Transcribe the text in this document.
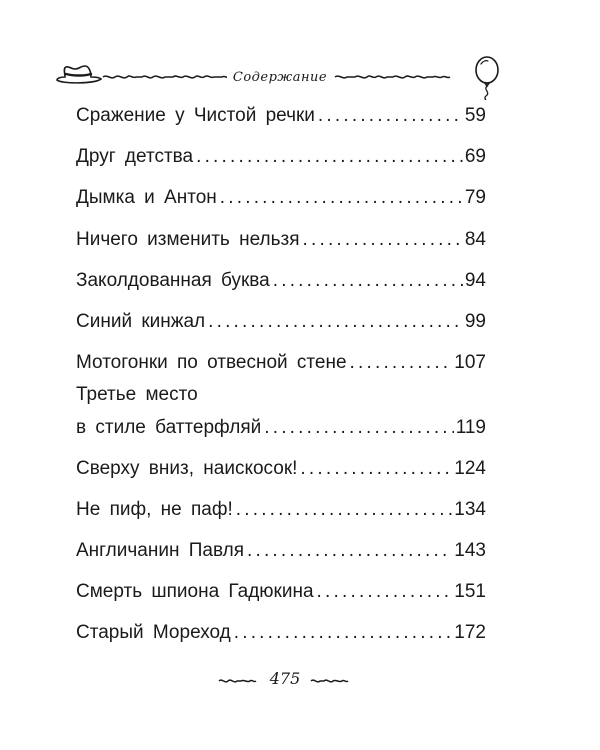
Содержание
Сражение у Чистой речки .....	59
Друг детства .....	69
Дымка и Антон .....	79
Ничего изменить нельзя .....	84
Заколдованная буква .....	94
Синий кинжал .....	99
Мотогонки по отвесной стене .....	107
Третье место
в стиле баттерфляй .....	119
Сверху вниз, наискосок! .....	124
Не пиф, не паф! .....	134
Англичанин Павля .....	143
Смерть шпиона Гадюкина .....	151
Старый Мореход .....	172
475
